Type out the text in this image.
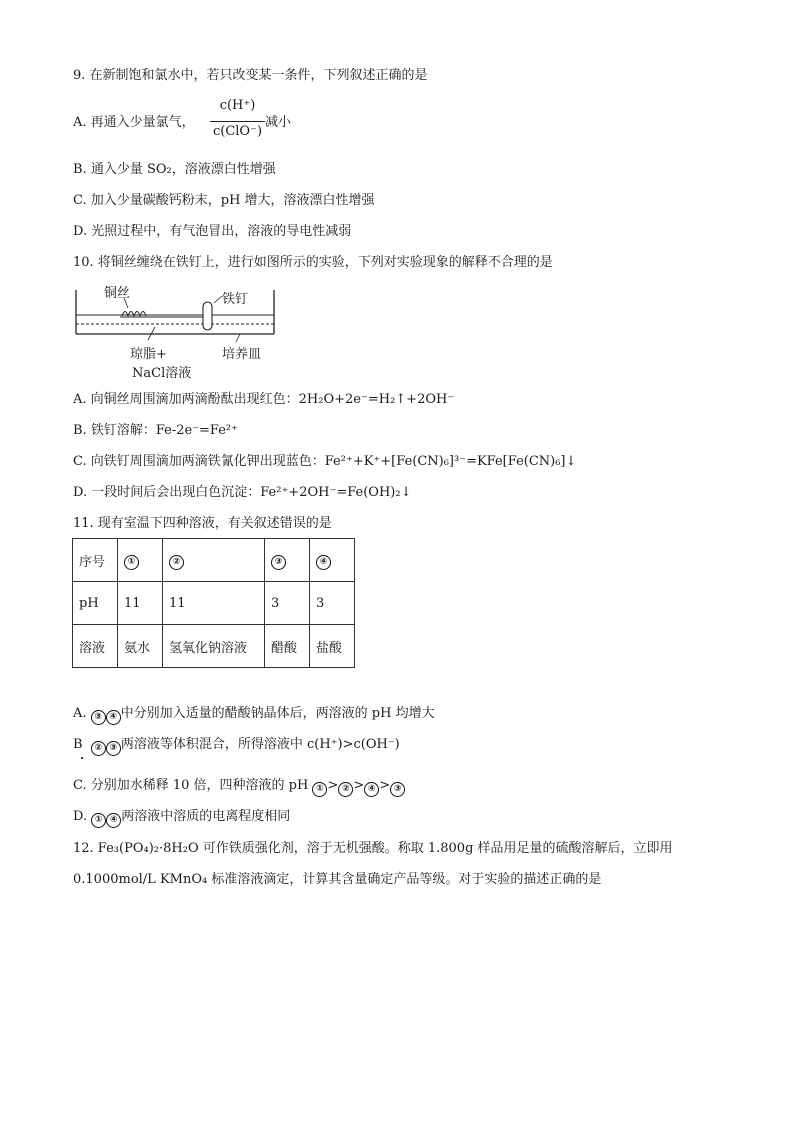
9. 在新制饱和氯水中，若只改变某一条件，下列叙述正确的是
A. 再通入少量氯气，
c(H⁺)
c(ClO⁻)
减小
B. 通入少量 SO₂，溶液漂白性增强
C. 加入少量碳酸钙粉末，pH 增大，溶液漂白性增强
D. 光照过程中，有气泡冒出，溶液的导电性减弱
10. 将铜丝缠绕在铁钉上，进行如图所示的实验，下列对实验现象的解释不合理的是
铜丝	铁钉
琼脂+
NaCl溶液
培养皿
A. 向铜丝周围滴加两滴酚酞出现红色：2H₂O+2e⁻=H₂↑+2OH⁻
B. 铁钉溶解：Fe-2e⁻=Fe²⁺
C. 向铁钉周围滴加两滴铁氰化钾出现蓝色：Fe²⁺+K⁺+[Fe(CN)₆]³⁻=KFe[Fe(CN)₆]↓
D. 一段时间后会出现白色沉淀：Fe²⁺+2OH⁻=Fe(OH)₂↓
11. 现有室温下四种溶液，有关叙述错误的是
序号	①	②	③	④
pH	11	11	3	3
溶液	氨水	氢氧化钠溶液	醋酸	盐酸
A. ③ ④ 中分别加入适量的醋酸钠晶体后，两溶液的 pH 均增大
B ② ③ 两溶液等体积混合，所得溶液中 c(H⁺)>c(OH⁻)
C. 分别加水稀释 10 倍，四种溶液的 pH ① > ② > ④ > ③
D. ① ④ 两溶液中溶质的电离程度相同
12. Fe₃(PO₄)₂·8H₂O 可作铁质强化剂，溶于无机强酸。称取 1.800g 样品用足量的硫酸溶解后，立即用
0.1000mol/L KMnO₄ 标准溶液滴定，计算其含量确定产品等级。对于实验的描述正确的是
